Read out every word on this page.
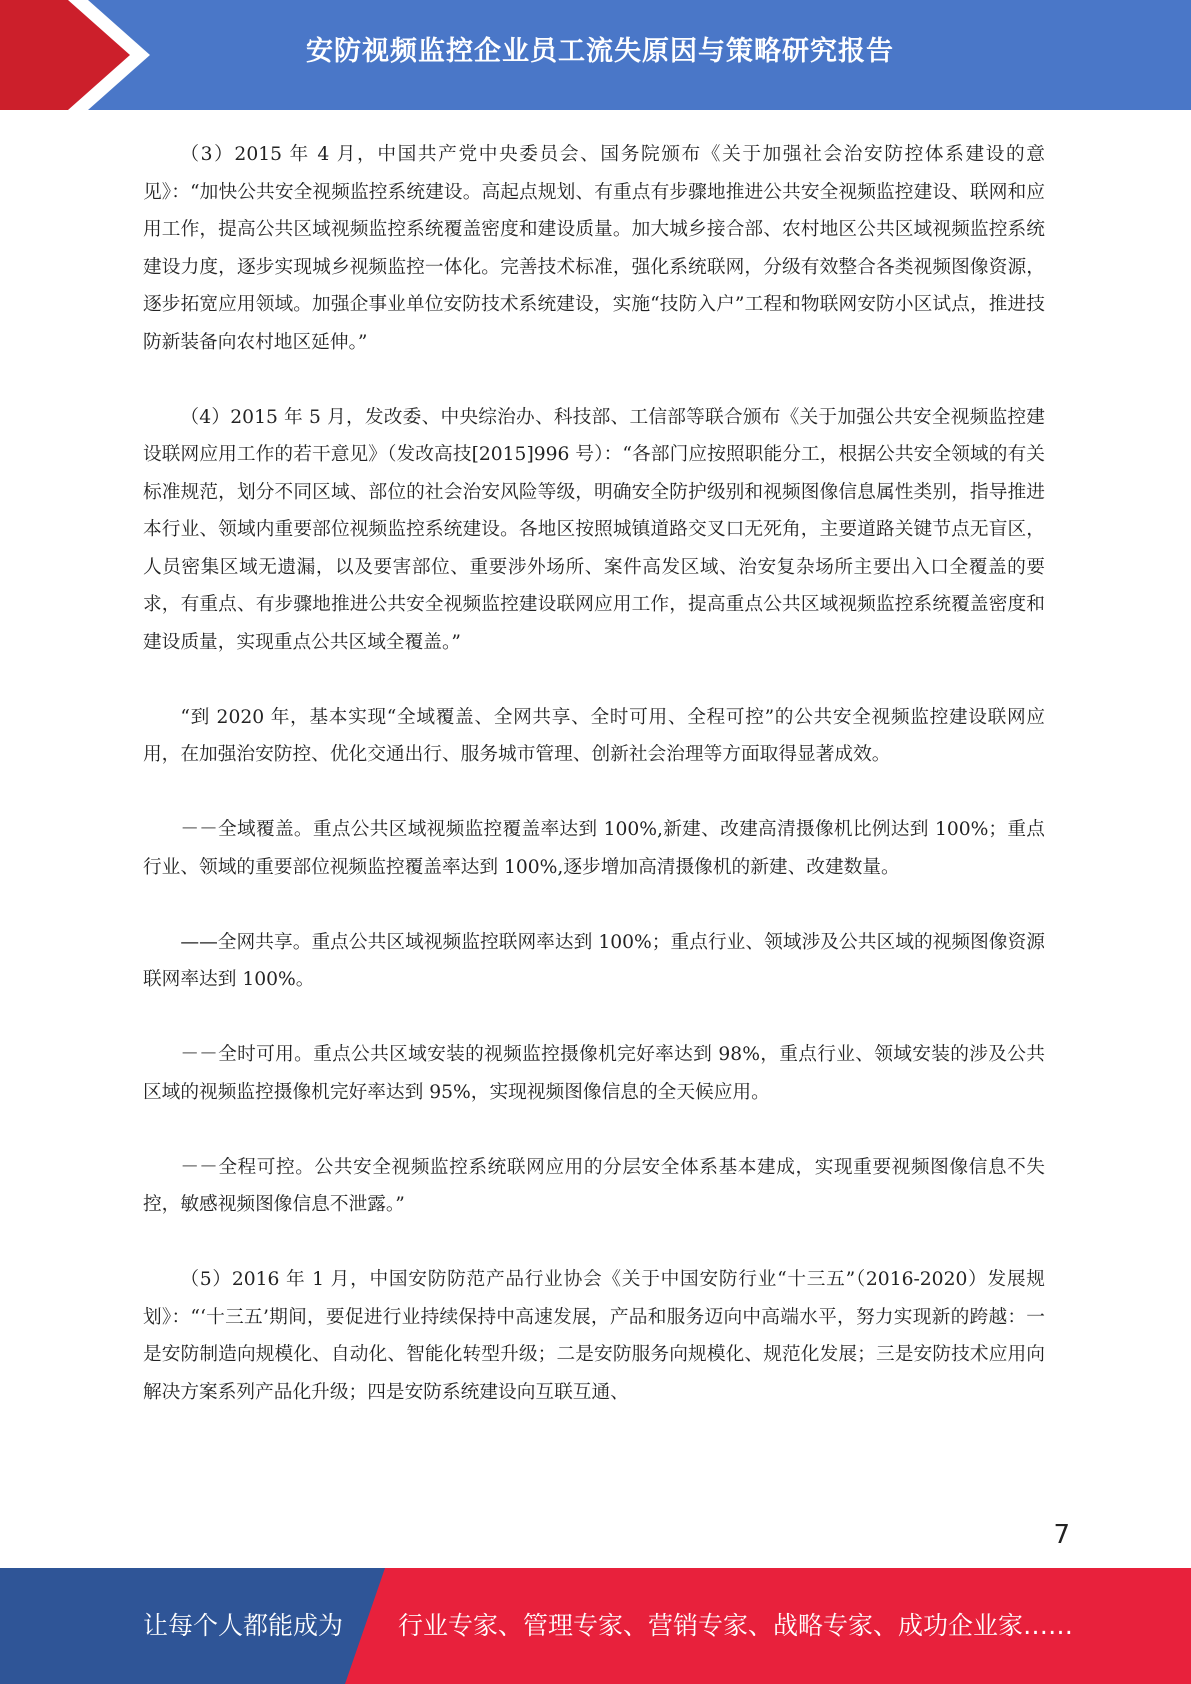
安防视频监控企业员工流失原因与策略研究报告

（3）2015 年 4 月，中国共产党中央委员会、国务院颁布《关于加强社会治安防控体系建设的意见》：“加快公共安全视频监控系统建设。高起点规划、有重点有步骤地推进公共安全视频监控建设、联网和应用工作，提高公共区域视频监控系统覆盖密度和建设质量。加大城乡接合部、农村地区公共区域视频监控系统建设力度，逐步实现城乡视频监控一体化。完善技术标准，强化系统联网，分级有效整合各类视频图像资源，逐步拓宽应用领域。加强企事业单位安防技术系统建设，实施“技防入户”工程和物联网安防小区试点，推进技防新装备向农村地区延伸。”

（4）2015 年 5 月，发改委、中央综治办、科技部、工信部等联合颁布《关于加强公共安全视频监控建设联网应用工作的若干意见》（发改高技[2015]996 号）：“各部门应按照职能分工，根据公共安全领域的有关标准规范，划分不同区域、部位的社会治安风险等级，明确安全防护级别和视频图像信息属性类别，指导推进本行业、领域内重要部位视频监控系统建设。各地区按照城镇道路交叉口无死角，主要道路关键节点无盲区，人员密集区域无遗漏，以及要害部位、重要涉外场所、案件高发区域、治安复杂场所主要出入口全覆盖的要求，有重点、有步骤地推进公共安全视频监控建设联网应用工作，提高重点公共区域视频监控系统覆盖密度和建设质量，实现重点公共区域全覆盖。”

“到 2020 年，基本实现“全域覆盖、全网共享、全时可用、全程可控”的公共安全视频监控建设联网应用，在加强治安防控、优化交通出行、服务城市管理、创新社会治理等方面取得显著成效。

－－全域覆盖。重点公共区域视频监控覆盖率达到 100%,新建、改建高清摄像机比例达到 100%；重点行业、领域的重要部位视频监控覆盖率达到 100%,逐步增加高清摄像机的新建、改建数量。

——全网共享。重点公共区域视频监控联网率达到 100%；重点行业、领域涉及公共区域的视频图像资源联网率达到 100%。

－－全时可用。重点公共区域安装的视频监控摄像机完好率达到 98%，重点行业、领域安装的涉及公共区域的视频监控摄像机完好率达到 95%，实现视频图像信息的全天候应用。

－－全程可控。公共安全视频监控系统联网应用的分层安全体系基本建成，实现重要视频图像信息不失控，敏感视频图像信息不泄露。”

（5）2016 年 1 月，中国安防防范产品行业协会《关于中国安防行业“十三五”（2016-2020）发展规划》：“‘十三五’期间，要促进行业持续保持中高速发展，产品和服务迈向中高端水平，努力实现新的跨越：一是安防制造向规模化、自动化、智能化转型升级；二是安防服务向规模化、规范化发展；三是安防技术应用向解决方案系列产品化升级；四是安防系统建设向互联互通、

7
让每个人都能成为 行业专家、管理专家、营销专家、战略专家、成功企业家……
